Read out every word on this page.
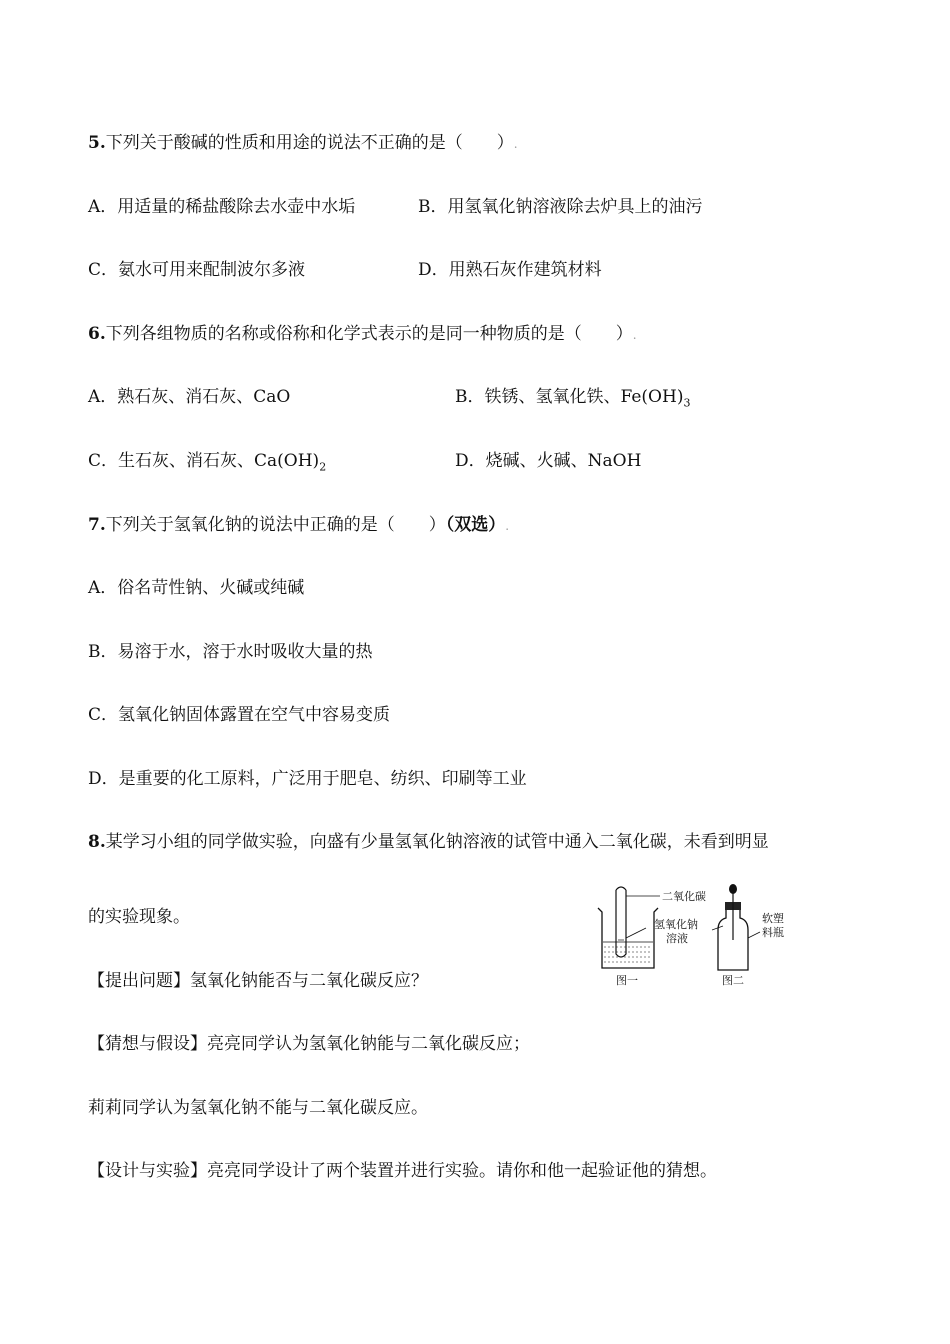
5.下列关于酸碱的性质和用途的说法不正确的是（　　）.
A．用适量的稀盐酸除去水壶中水垢	B．用氢氧化钠溶液除去炉具上的油污
C．氨水可用来配制波尔多液	D．用熟石灰作建筑材料
6.下列各组物质的名称或俗称和化学式表示的是同一种物质的是（　　）.
A．熟石灰、消石灰、CaO	B．铁锈、氢氧化铁、$Fe(OH)_3$
C．生石灰、消石灰、$Ca(OH)_2$	D．烧碱、火碱、NaOH
7.下列关于氢氧化钠的说法中正确的是（　　）（双选）.
A．俗名苛性钠、火碱或纯碱
B．易溶于水，溶于水时吸收大量的热
C．氢氧化钠固体露置在空气中容易变质
D．是重要的化工原料，广泛用于肥皂、纺织、印刷等工业
8.某学习小组的同学做实验，向盛有少量氢氧化钠溶液的试管中通入二氧化碳，未看到明显
的实验现象。
【提出问题】氢氧化钠能否与二氧化碳反应？
【猜想与假设】亮亮同学认为氢氧化钠能与二氧化碳反应；
莉莉同学认为氢氧化钠不能与二氧化碳反应。
【设计与实验】亮亮同学设计了两个装置并进行实验。请你和他一起验证他的猜想。
二氧化碳
氢氧化钠
溶液
软塑
料瓶
图一	图二
